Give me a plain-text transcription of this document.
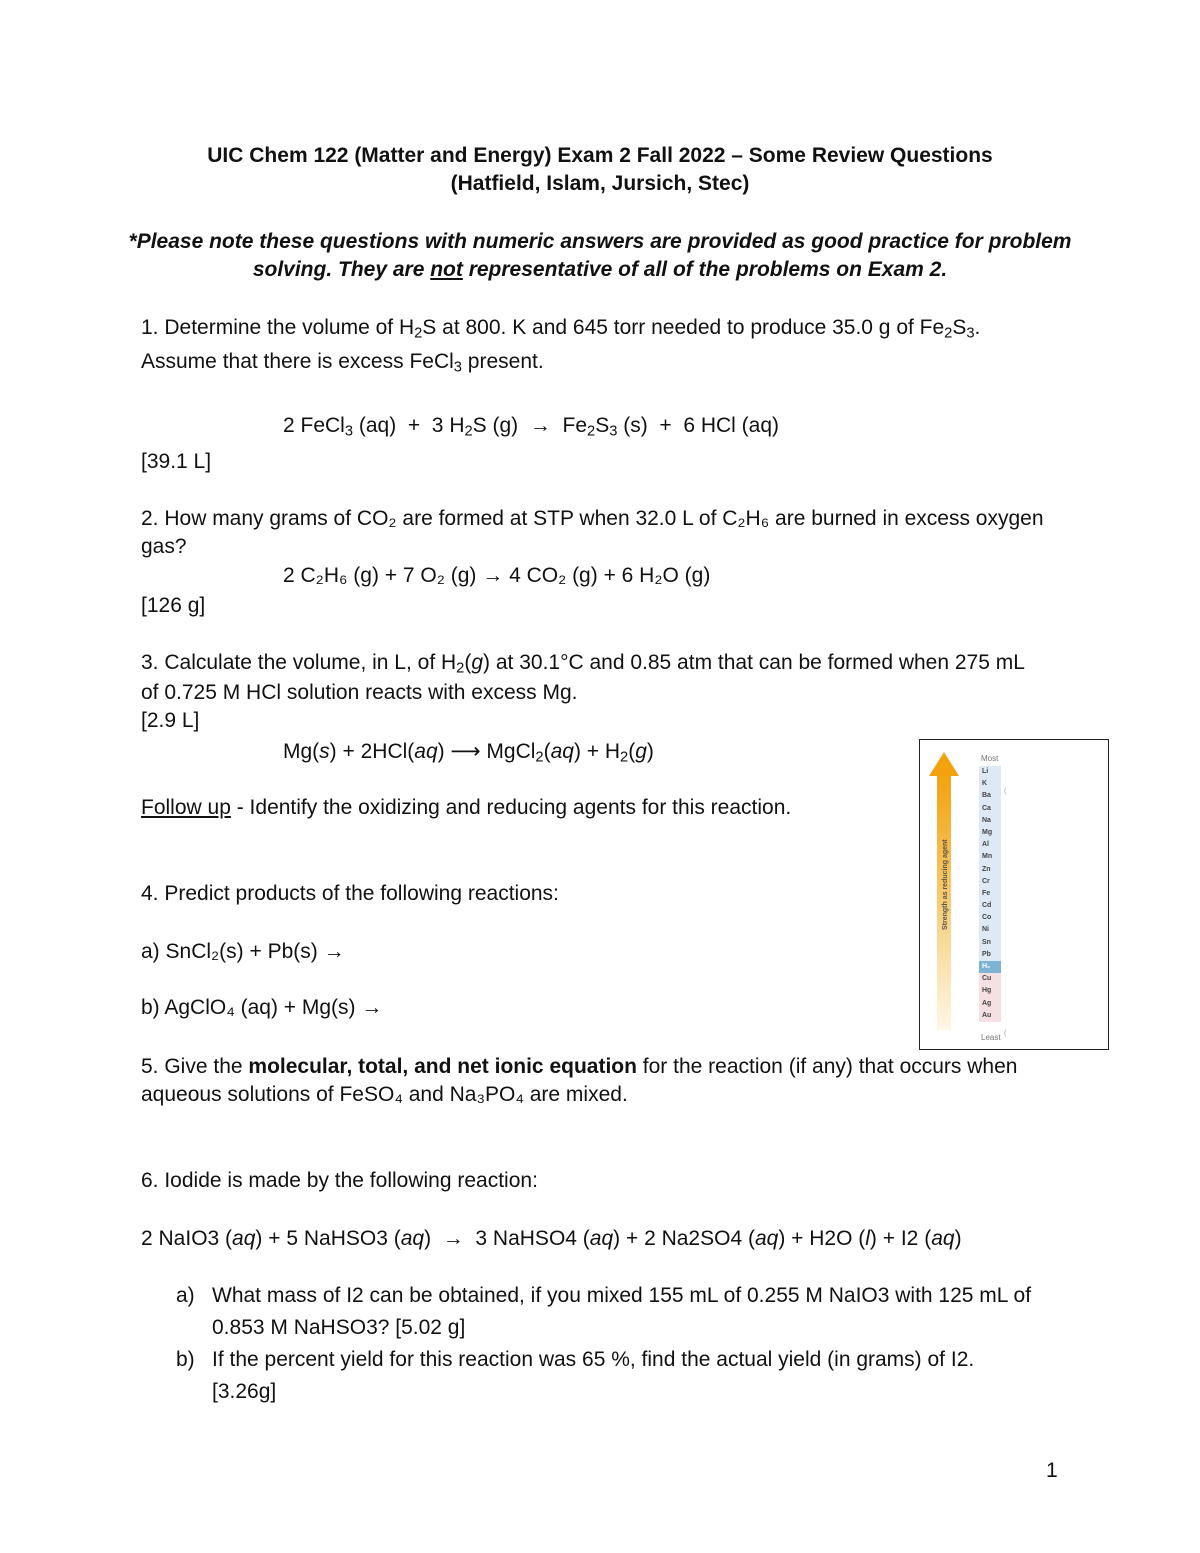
UIC Chem 122 (Matter and Energy) Exam 2 Fall 2022 – Some Review Questions
(Hatfield, Islam, Jursich, Stec)
*Please note these questions with numeric answers are provided as good practice for problem
solving. They are not representative of all of the problems on Exam 2.
1. Determine the volume of $H_2S$ at 800. K and 645 torr needed to produce 35.0 g of $Fe_2S_3$.
Assume that there is excess FeCl$_3$ present.
2 FeCl$_3$ (aq)  +  3 $H_2S$ $(g) \to Fe_2S_3$ (s)  +  6 HCl (aq)
[39.1 L]
2. How many grams of CO₂ are formed at STP when 32.0 L of C₂H₆ are burned in excess oxygen
gas?
2 C₂H₆ (g) + 7 O₂ (g) → 4 CO₂ (g) + 6 H₂O (g)
[126 g]
3. Calculate the volume, in L, of $H_2(g)$ at 30.1°C and 0.85 atm that can be formed when 275 mL
of 0.725 M HCl solution reacts with excess Mg.
[2.9 L]
Mg(s) + 2HCl(aq) ⟶ MgCl$_2$(aq) + $H_2(g)$
Follow up - Identify the oxidizing and reducing agents for this reaction.
Strength as reducing agent
Most
Li
K
Ba
Ca
Na
Mg
Al
Mn
Zn
Cr
Fe
Cd
Co
Ni
Sn
Pb
H₂
Cu
Hg
Ag
Au
(
(
Least
4. Predict products of the following reactions:
a) SnCl₂(s) + Pb(s) →
b) AgClO₄ (aq) + Mg(s) →
5. Give the molecular, total, and net ionic equation for the reaction (if any) that occurs when
aqueous solutions of FeSO₄ and Na₃PO₄ are mixed.
6. Iodide is made by the following reaction:
2 NaIO3 (aq) + 5 NaHSO3 (aq)  →  3 NaHSO4 (aq) + 2 Na2SO4 (aq) + H2O (l) + I2 (aq)
a) What mass of I2 can be obtained, if you mixed 155 mL of 0.255 M NaIO3 with 125 mL of
0.853 M NaHSO3? [5.02 g]
b) If the percent yield for this reaction was 65 %, find the actual yield (in grams) of I2.
[3.26g]
1
